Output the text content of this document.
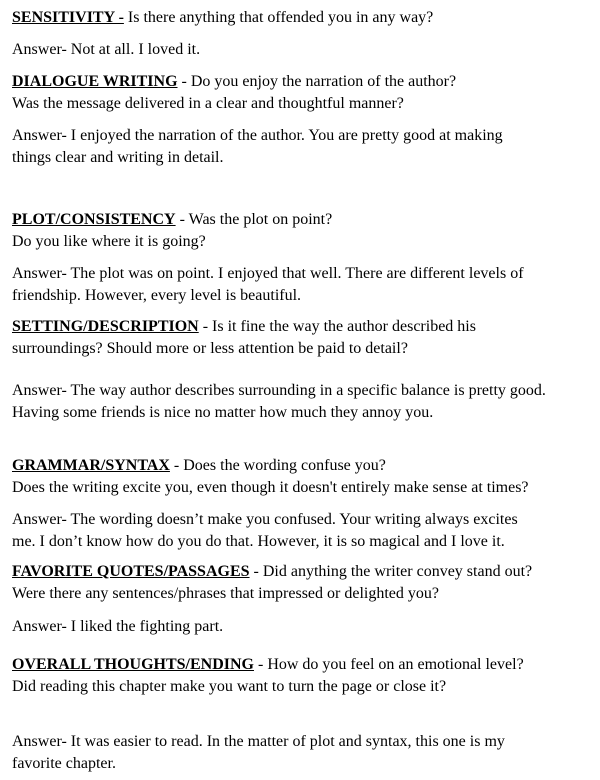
SENSITIVITY - Is there anything that offended you in any way?
Answer- Not at all. I loved it.
DIALOGUE WRITING - Do you enjoy the narration of the author?
Was the message delivered in a clear and thoughtful manner?
Answer- I enjoyed the narration of the author. You are pretty good at making
things clear and writing in detail.
PLOT/CONSISTENCY - Was the plot on point?
Do you like where it is going?
Answer- The plot was on point. I enjoyed that well. There are different levels of
friendship. However, every level is beautiful.
SETTING/DESCRIPTION - Is it fine the way the author described his
surroundings? Should more or less attention be paid to detail?
Answer- The way author describes surrounding in a specific balance is pretty good.
Having some friends is nice no matter how much they annoy you.
GRAMMAR/SYNTAX - Does the wording confuse you?
Does the writing excite you, even though it doesn't entirely make sense at times?
Answer- The wording doesn’t make you confused. Your writing always excites
me. I don’t know how do you do that. However, it is so magical and I love it.
FAVORITE QUOTES/PASSAGES - Did anything the writer convey stand out?
Were there any sentences/phrases that impressed or delighted you?
Answer- I liked the fighting part.
OVERALL THOUGHTS/ENDING - How do you feel on an emotional level?
Did reading this chapter make you want to turn the page or close it?
Answer- It was easier to read. In the matter of plot and syntax, this one is my
favorite chapter.
